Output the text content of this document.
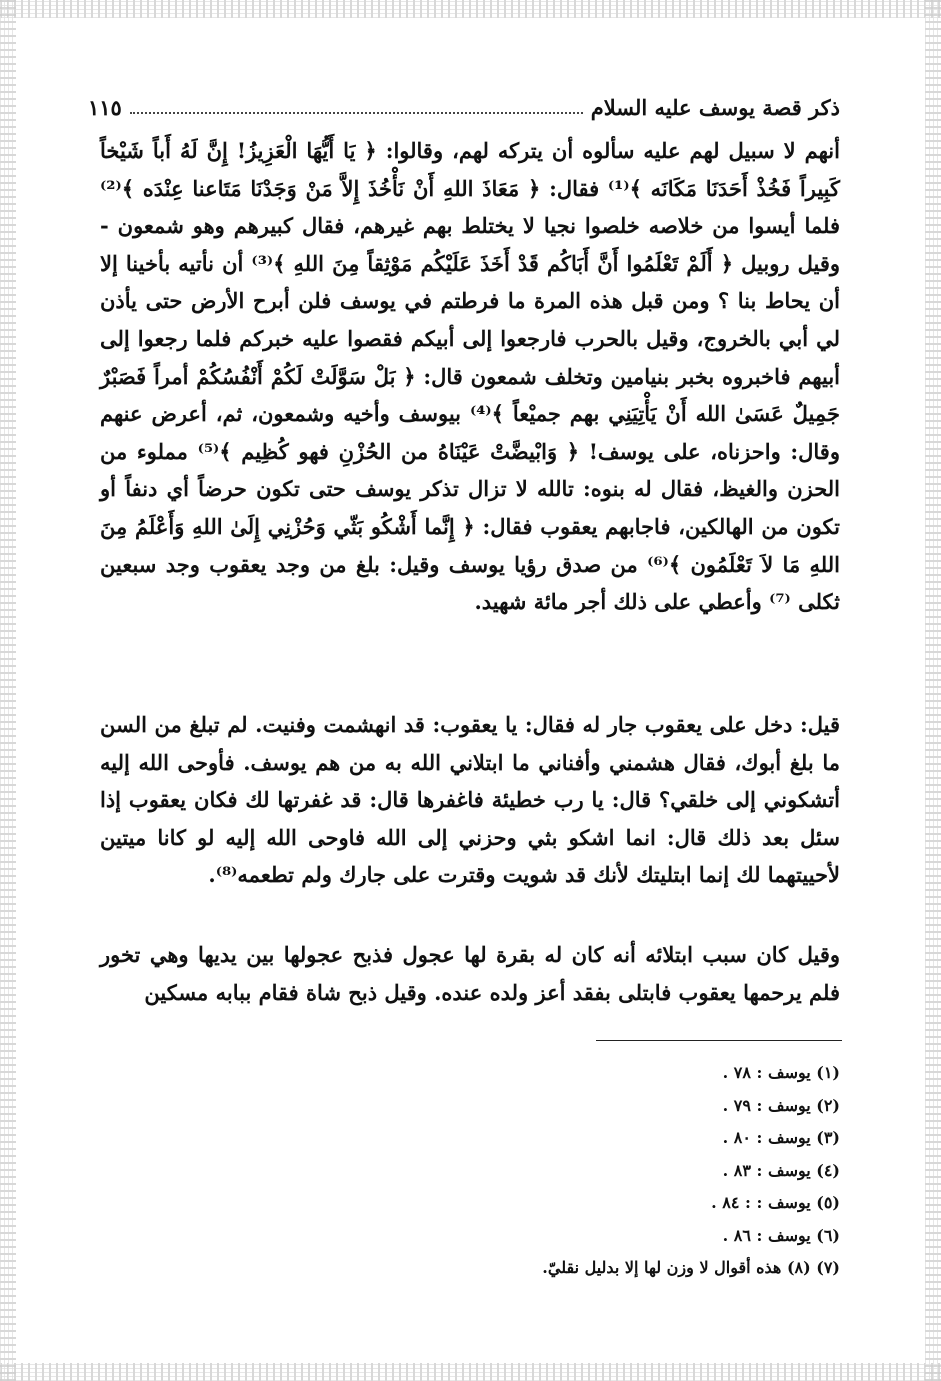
ذكر قصة يوسف عليه السلام
١١٥

أنهم لا سبيل لهم عليه سألوه أن يتركه لهم، وقالوا: ﴿ يَا أَيُّهَا الْعَزِيزُ! إِنَّ لَهُ أَباً شَيْخاً كَبِيراً فَخُذْ أَحَدَنَا مَكَانَه ﴾⁽¹⁾ فقال: ﴿ مَعَاذَ اللهِ أَنْ نَأْخُذَ إِلاَّ مَنْ وَجَدْنَا مَتَاعنا عِنْدَه ﴾⁽²⁾ فلما أيسوا من خلاصه خلصوا نجيا لا يختلط بهم غيرهم، فقال كبيرهم وهو شمعون - وقيل روبيل ﴿ أَلَمْ تَعْلَمُوا أَنَّ أَبَاكُم قَدْ أَخَذَ عَلَيْكُم مَوْثِقاً مِنَ اللهِ ﴾⁽³⁾ أن نأتيه بأخينا إلا أن يحاط بنا ؟ ومن قبل هذه المرة ما فرطتم في يوسف فلن أبرح الأرض حتى يأذن لي أبي بالخروج، وقيل بالحرب فارجعوا إلى أبيكم فقصوا عليه خبركم فلما رجعوا إلى أبيهم فاخبروه بخبر بنيامين وتخلف شمعون قال: ﴿ بَلْ سَوَّلَتْ لَكُمْ أَنْفُسُكُمْ أمراً فَصَبْرٌ جَمِيلٌ عَسَىٰ الله أَنْ يَأْتِيَنِي بهم جميْعاً ﴾⁽⁴⁾ بيوسف وأخيه وشمعون، ثم، أعرض عنهم وقال: واحزناه، على يوسف! ﴿ وَابْيضَّتْ عَيْنَاهُ من الحُزْنِ فهو كُظِيم ﴾⁽⁵⁾ مملوء من الحزن والغيظ، فقال له بنوه: تالله لا تزال تذكر يوسف حتى تكون حرضاً أي دنفاً أو تكون من الهالكين، فاجابهم يعقوب فقال: ﴿ إِنَّما أَشْكُو بَثّي وَحُزْنِي إِلَىٰ اللهِ وَأَعْلَمُ مِنَ اللهِ مَا لاَ تَعْلَمُون ﴾⁽⁶⁾ من صدق رؤيا يوسف وقيل: بلغ من وجد يعقوب وجد سبعين ثكلى ⁽⁷⁾ وأعطي على ذلك أجر مائة شهيد.

قيل: دخل على يعقوب جار له فقال: يا يعقوب: قد انهشمت وفنيت. لم تبلغ من السن ما بلغ أبوك، فقال هشمني وأفناني ما ابتلاني الله به من هم يوسف. فأوحى الله إليه أتشكوني إلى خلقي؟ قال: يا رب خطيئة فاغفرها قال: قد غفرتها لك فكان يعقوب إذا سئل بعد ذلك قال: انما اشكو بثي وحزني إلى الله فاوحى الله إليه لو كانا ميتين لأحييتهما لك إنما ابتليتك لأنك قد شويت وقترت على جارك ولم تطعمه⁽⁸⁾.

وقيل كان سبب ابتلائه أنه كان له بقرة لها عجول فذبح عجولها بين يديها وهي تخور فلم يرحمها يعقوب فابتلى بفقد أعز ولده عنده. وقيل ذبح شاة فقام ببابه مسكين

(١) يوسف : ٧٨ .
(٢) يوسف : ٧٩ .
(٣) يوسف : ٨٠ .
(٤) يوسف : ٨٣ .
(٥) يوسف : : ٨٤ .
(٦) يوسف : ٨٦ .
(٧) (٨) هذه أقوال لا وزن لها إلا بدليل نقليّ.
